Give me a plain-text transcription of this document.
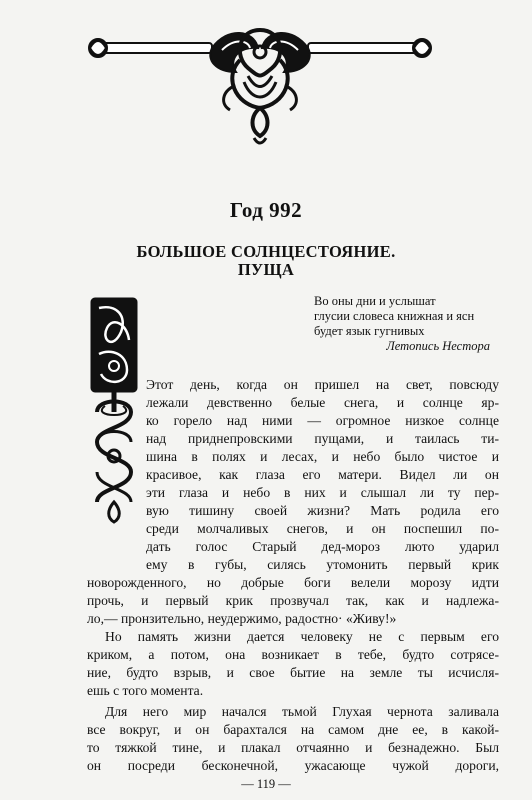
Год 992
БОЛЬШОЕ СОЛНЦЕСТОЯНИЕ.
ПУЩА
Во оны дни и услышат
глусии словеса книжная и ясн
будет язык гугнивых
Летопись Нестора
Этот день, когда он пришел на свет, повсюду
лежали девственно белые снега, и солнце яр-
ко горело над ними — огромное низкое солнце
над приднепровскими пущами, и таилась ти-
шина в полях и лесах, и небо было чистое и
красивое, как глаза его матери. Видел ли он
эти глаза и небо в них и слышал ли ту пер-
вую тишину своей жизни? Мать родила его
среди молчаливых снегов, и он поспешил по-
дать голос Старый дед-мороз лютo ударил
ему в губы, силясь утомонить первый крик
новорожденного, но добрые боги велели морозу идти
прочь, и первый крик прозвучал так, как и надлежа-
ло,— пронзительно, неудержимо, радостно· «Живу!»
Но память жизни дается человеку не с первым его
криком, а потом, она возникает в тебе, будто сотрясе-
ние, будто взрыв, и свое бытие на земле ты исчисля-
ешь с того момента.
Для него мир начался тьмой Глухая чернота заливала
все вокруг, и он барахтался на самом дне ее, в какой-
то тяжкой тине, и плакал отчаянно и безнадежно. Был
он посреди бесконечной, ужасающе чужой дороги,
— 119 —
